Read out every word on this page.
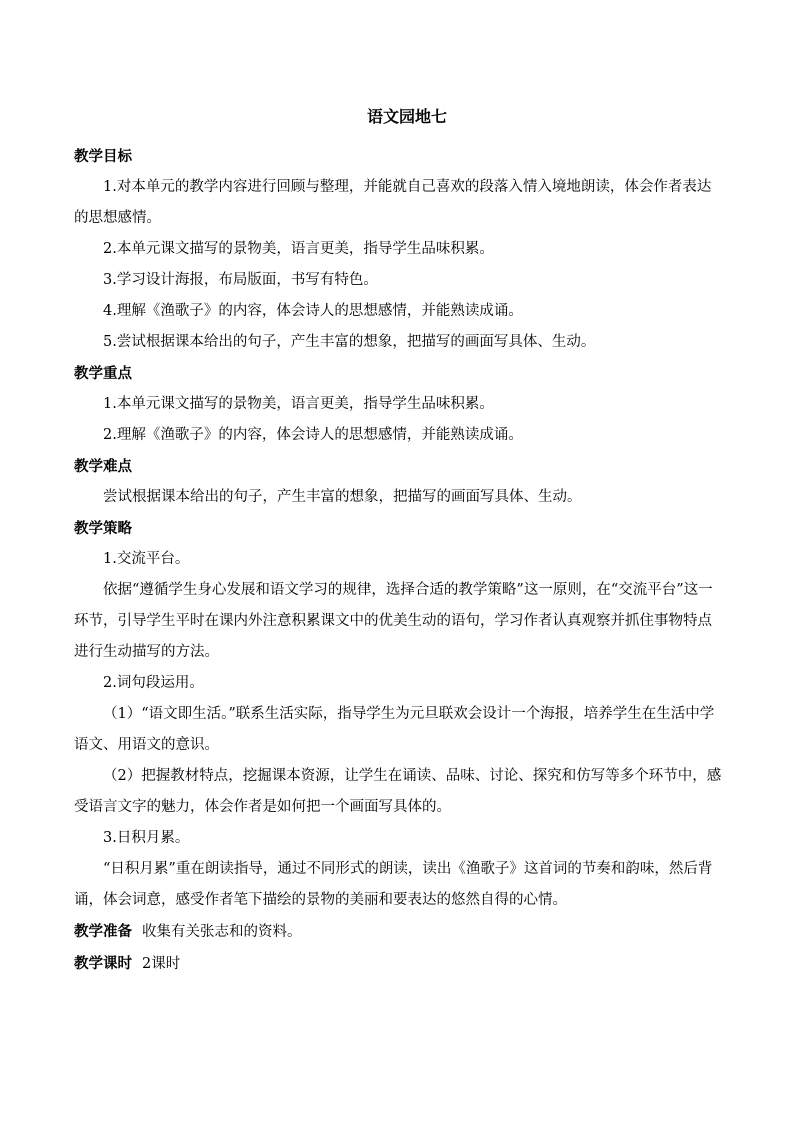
语文园地七
教学目标
1.对本单元的教学内容进行回顾与整理，并能就自己喜欢的段落入情入境地朗读，体会作者表达的思想感情。
2.本单元课文描写的景物美，语言更美，指导学生品味积累。
3.学习设计海报，布局版面，书写有特色。
4.理解《渔歌子》的内容，体会诗人的思想感情，并能熟读成诵。
5.尝试根据课本给出的句子，产生丰富的想象，把描写的画面写具体、生动。
教学重点
1.本单元课文描写的景物美，语言更美，指导学生品味积累。
2.理解《渔歌子》的内容，体会诗人的思想感情，并能熟读成诵。
教学难点
尝试根据课本给出的句子，产生丰富的想象，把描写的画面写具体、生动。
教学策略
1.交流平台。
依据“遵循学生身心发展和语文学习的规律，选择合适的教学策略”这一原则，在“交流平台”这一环节，引导学生平时在课内外注意积累课文中的优美生动的语句，学习作者认真观察并抓住事物特点进行生动描写的方法。
2.词句段运用。
（1）“语文即生活。”联系生活实际，指导学生为元旦联欢会设计一个海报，培养学生在生活中学语文、用语文的意识。
（2）把握教材特点，挖掘课本资源，让学生在诵读、品味、讨论、探究和仿写等多个环节中，感受语言文字的魅力，体会作者是如何把一个画面写具体的。
3.日积月累。
“日积月累”重在朗读指导，通过不同形式的朗读，读出《渔歌子》这首词的节奏和韵味，然后背诵，体会词意，感受作者笔下描绘的景物的美丽和要表达的悠然自得的心情。
教学准备 收集有关张志和的资料。
教学课时 2课时
